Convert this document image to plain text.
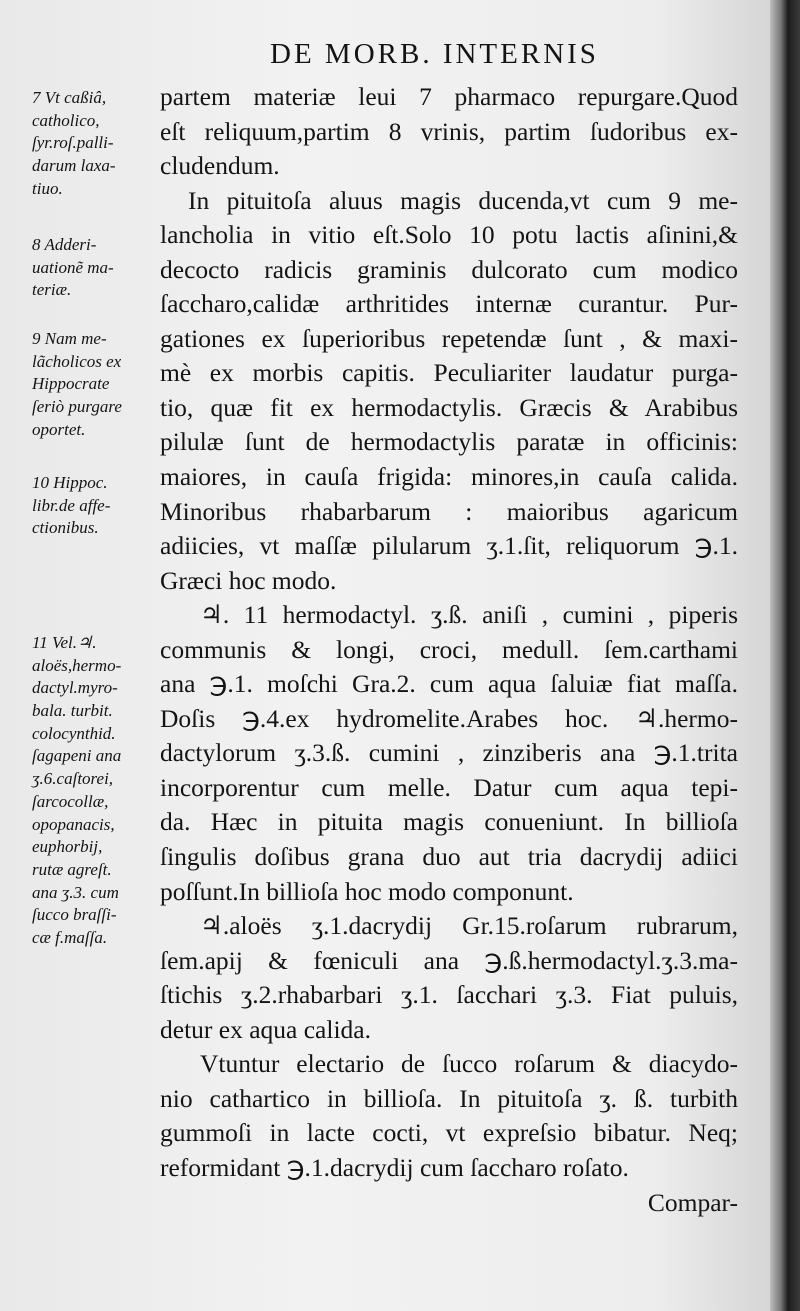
DE MORB. INTERNIS
7 Vt caßiâ,
catholico,
ſyr.roſ.palli-
darum laxa-
tiuo.
8 Adderi-
uationẽ ma-
teriæ.
9 Nam me-
lãcholicos ex
Hippocrate
ſeriò purgare
oportet.
10 Hippoc.
libr.de affe-
ctionibus.
11 Vel.♃.
aloës,hermo-
dactyl.myro-
bala. turbit.
colocynthid.
ſagapeni ana
ʒ.6.caſtorei,
ſarcocollæ,
opopanacis,
euphorbij,
rutæ agreſt.
ana ʒ.3. cum
ſucco braſſi-
cæ f.maſſa.
partem materiæ leui 7 pharmaco repurgare.Quod
eſt reliquum,partim 8 vrinis, partim ſudoribus ex-
cludendum.
In pituitoſa aluus magis ducenda,vt cum 9 me-
lancholia in vitio eſt.Solo 10 potu lactis aſinini,&
decocto radicis graminis dulcorato cum modico
ſaccharo,calidæ arthritides internæ curantur. Pur-
gationes ex ſuperioribus repetendæ ſunt , & maxi-
mè ex morbis capitis. Peculiariter laudatur purga-
tio, quæ fit ex hermodactylis. Græcis & Arabibus
pilulæ ſunt de hermodactylis paratæ in officinis:
maiores, in cauſa frigida: minores,in cauſa calida.
Minoribus rhabarbarum : maioribus agaricum
adiicies, vt maſſæ pilularum ʒ.1.ſit, reliquorum ℈.1.
Græci hoc modo.
♃. 11 hermodactyl. ʒ.ß. aniſi , cumini , piperis
communis & longi, croci, medull. ſem.carthami
ana ℈.1. moſchi Gra.2. cum aqua ſaluiæ fiat maſſa.
Doſis ℈.4.ex hydromelite.Arabes hoc. ♃.hermo-
dactylorum ʒ.3.ß. cumini , zinziberis ana ℈.1.trita
incorporentur cum melle. Datur cum aqua tepi-
da. Hæc in pituita magis conueniunt. In billioſa
ſingulis doſibus grana duo aut tria dacrydij adiici
poſſunt.In billioſa hoc modo componunt.
♃.aloës ʒ.1.dacrydij Gr.15.roſarum rubrarum,
ſem.apij & fœniculi ana ℈.ß.hermodactyl.ʒ.3.ma-
ſtichis ʒ.2.rhabarbari ʒ.1. ſacchari ʒ.3. Fiat puluis,
detur ex aqua calida.
Vtuntur electario de ſucco roſarum & diacydo-
nio cathartico in billioſa. In pituitoſa ʒ. ß. turbith
gummoſi in lacte cocti, vt expreſsio bibatur. Neq;
reformidant ℈.1.dacrydij cum ſaccharo roſato.
Compar-
